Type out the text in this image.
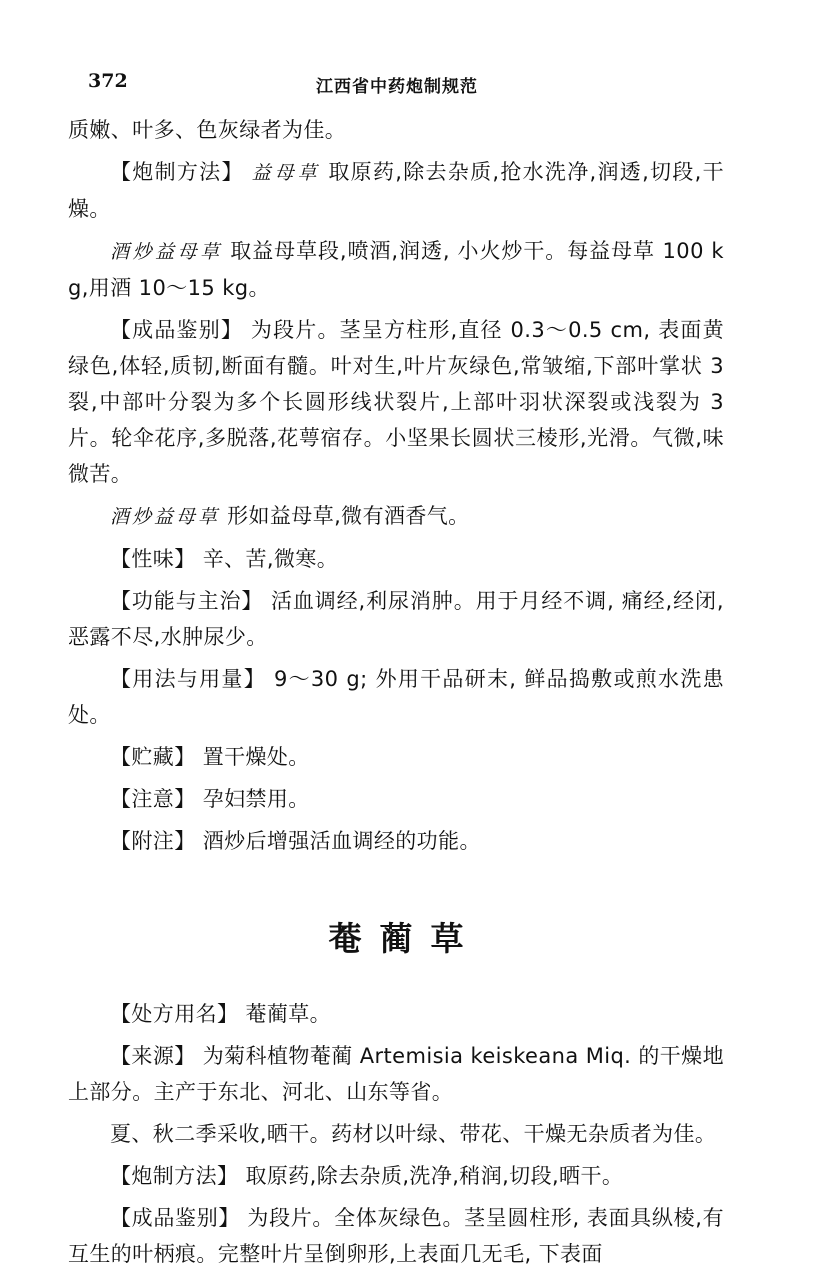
372	江西省中药炮制规范

质嫩、叶多、色灰绿者为佳。

【炮制方法】 益母草 取原药,除去杂质,抢水洗净,润透,切段,干燥。

酒炒益母草 取益母草段,喷酒,润透, 小火炒干。每益母草 100 kg,用酒 10～15 kg。

【成品鉴别】 为段片。茎呈方柱形,直径 0.3～0.5 cm, 表面黄绿色,体轻,质韧,断面有髓。叶对生,叶片灰绿色,常皱缩,下部叶掌状 3 裂,中部叶分裂为多个长圆形线状裂片,上部叶羽状深裂或浅裂为 3 片。轮伞花序,多脱落,花萼宿存。小坚果长圆状三棱形,光滑。气微,味微苦。

酒炒益母草 形如益母草,微有酒香气。

【性味】 辛、苦,微寒。

【功能与主治】 活血调经,利尿消肿。用于月经不调, 痛经,经闭,恶露不尽,水肿尿少。

【用法与用量】 9～30 g; 外用干品研末, 鲜品捣敷或煎水洗患处。

【贮藏】 置干燥处。

【注意】 孕妇禁用。

【附注】 酒炒后增强活血调经的功能。

菴蔺草

【处方用名】 菴蔺草。

【来源】 为菊科植物菴蔺 Artemisia keiskeana Miq. 的干燥地上部分。主产于东北、河北、山东等省。

夏、秋二季采收,晒干。药材以叶绿、带花、干燥无杂质者为佳。

【炮制方法】 取原药,除去杂质,洗净,稍润,切段,晒干。

【成品鉴别】 为段片。全体灰绿色。茎呈圆柱形, 表面具纵棱,有互生的叶柄痕。完整叶片呈倒卵形,上表面几无毛, 下表面
